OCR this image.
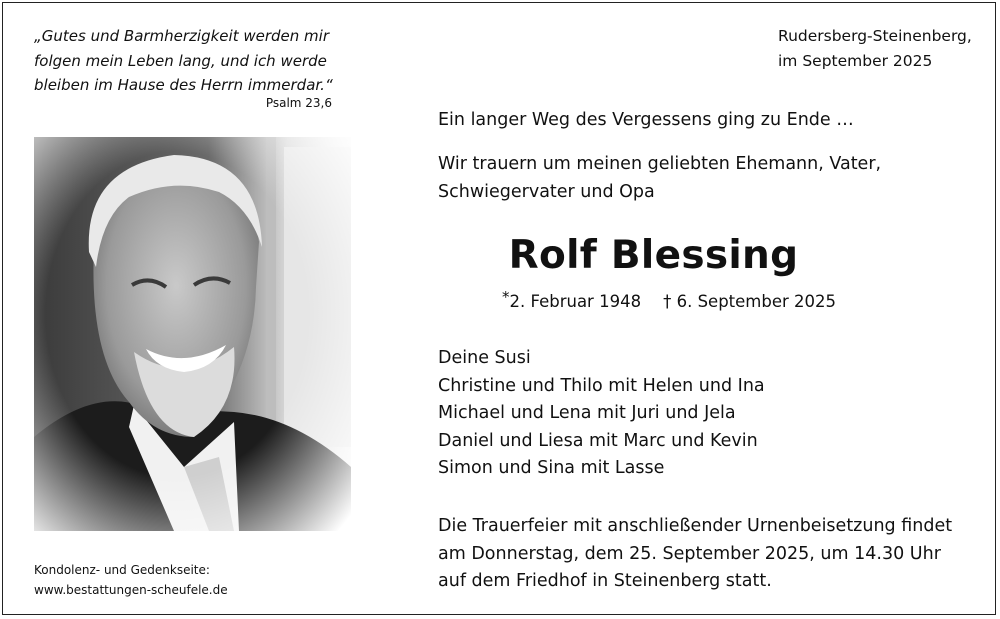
„Gutes und Barmherzigkeit werden mir
folgen mein Leben lang, und ich werde
bleiben im Hause des Herrn immerdar.“
Psalm 23,6
Rudersberg-Steinenberg,
im September 2025
Kondolenz- und Gedenkseite:
www.bestattungen-scheufele.de
Ein langer Weg des Vergessens ging zu Ende …
Wir trauern um meinen geliebten Ehemann, Vater,
Schwiegervater und Opa
Rolf Blessing
*2. Februar 1948 † 6. September 2025
Deine Susi
Christine und Thilo mit Helen und Ina
Michael und Lena mit Juri und Jela
Daniel und Liesa mit Marc und Kevin
Simon und Sina mit Lasse
Die Trauerfeier mit anschließender Urnenbeisetzung findet
am Donnerstag, dem 25. September 2025, um 14.30 Uhr
auf dem Friedhof in Steinenberg statt.
